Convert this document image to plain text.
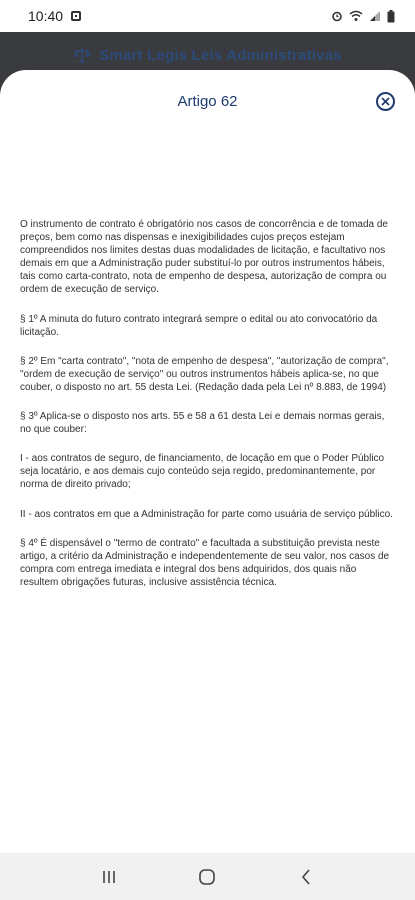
10:40
Smart Legis Leis Administrativas
Artigo 62

O instrumento de contrato é obrigatório nos casos de concorrência e de tomada de preços, bem como nas dispensas e inexigibilidades cujos preços estejam compreendidos nos limites destas duas modalidades de licitação, e facultativo nos demais em que a Administração puder substituí-lo por outros instrumentos hábeis, tais como carta-contrato, nota de empenho de despesa, autorização de compra ou ordem de execução de serviço.

§ 1º A minuta do futuro contrato integrará sempre o edital ou ato convocatório da licitação.

§ 2º Em "carta contrato", "nota de empenho de despesa", "autorização de compra", "ordem de execução de serviço" ou outros instrumentos hábeis aplica-se, no que couber, o disposto no art. 55 desta Lei. (Redação dada pela Lei nº 8.883, de 1994)

§ 3º Aplica-se o disposto nos arts. 55 e 58 a 61 desta Lei e demais normas gerais, no que couber:

I - aos contratos de seguro, de financiamento, de locação em que o Poder Público seja locatário, e aos demais cujo conteúdo seja regido, predominantemente, por norma de direito privado;

II - aos contratos em que a Administração for parte como usuária de serviço público.

§ 4º É dispensável o "termo de contrato" e facultada a substituição prevista neste artigo, a critério da Administração e independentemente de seu valor, nos casos de compra com entrega imediata e integral dos bens adquiridos, dos quais não resultem obrigações futuras, inclusive assistência técnica.
